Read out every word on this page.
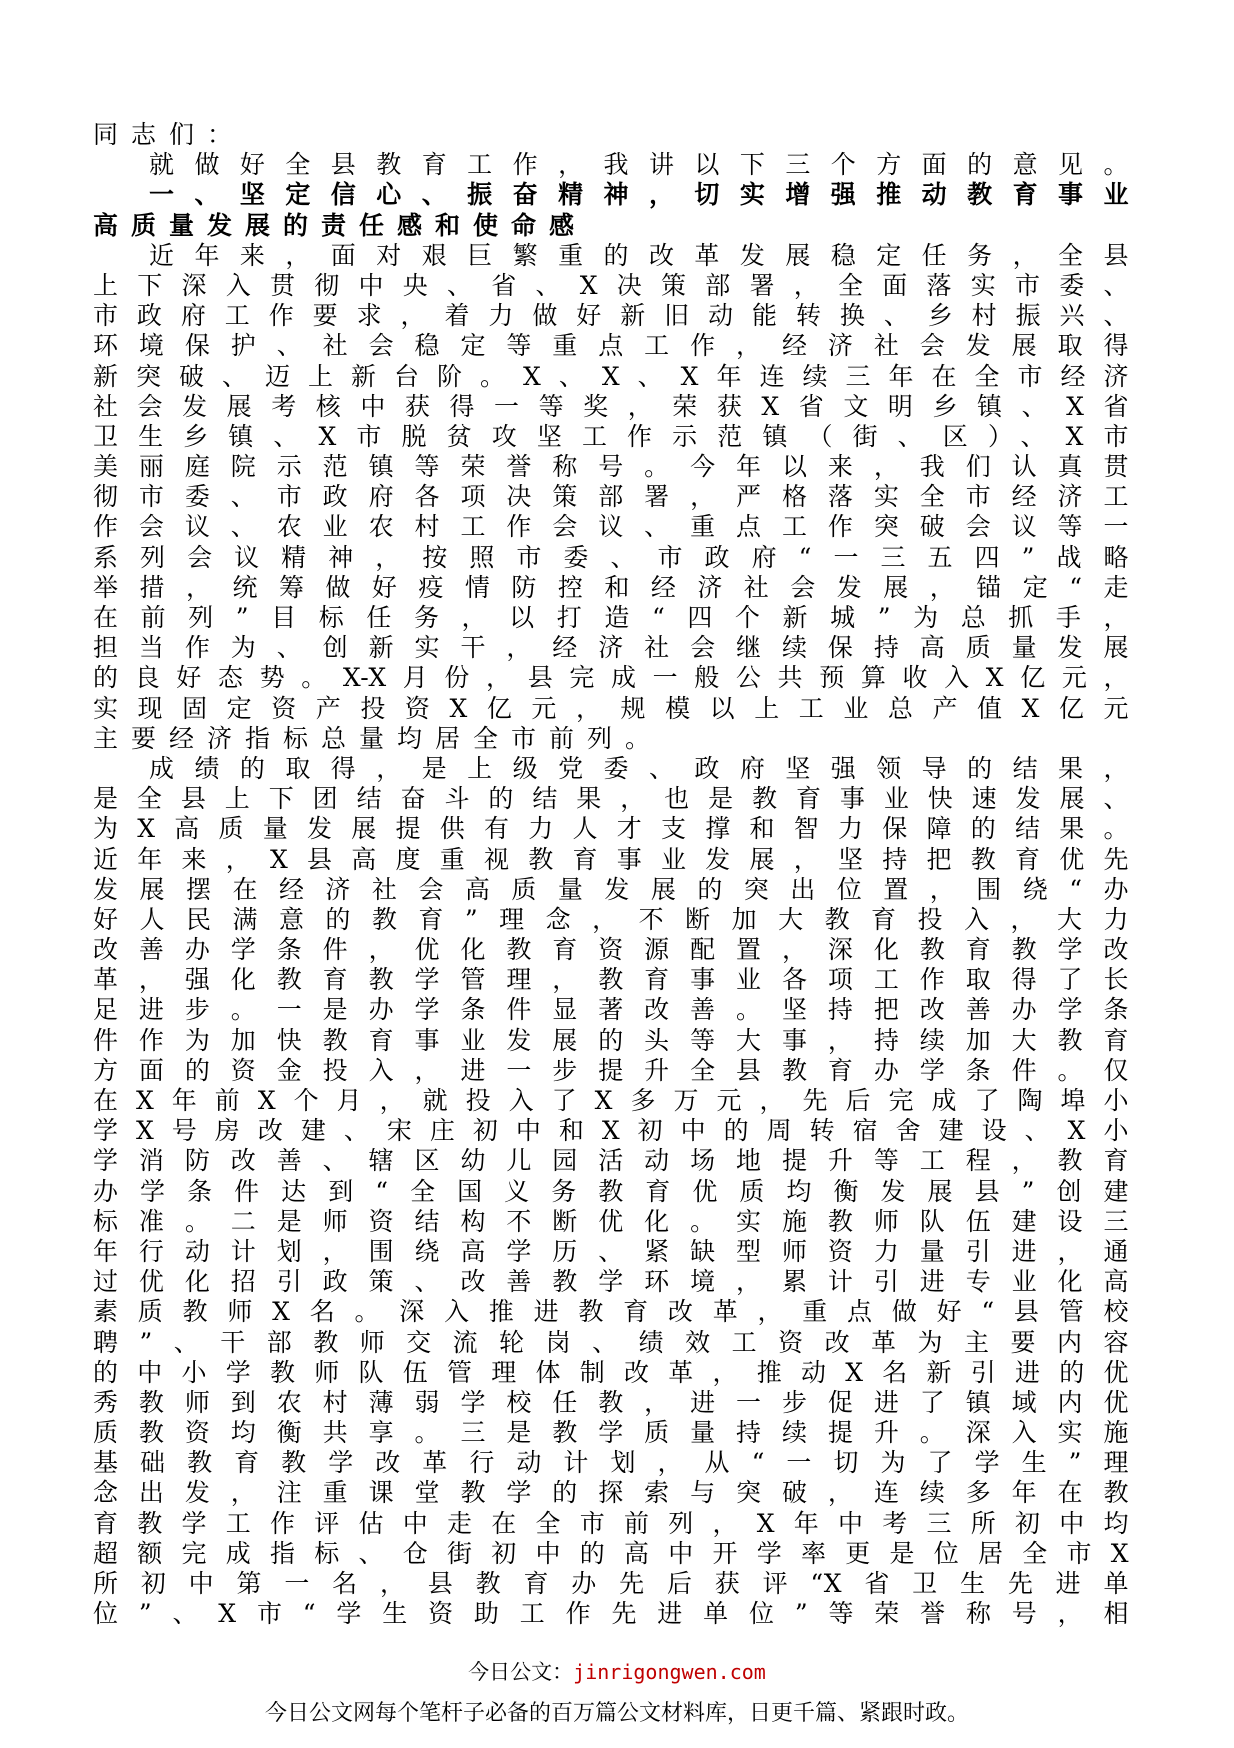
同志们：
就做好全县教育工作，我讲以下三个方面的意见。
一、坚定信心、振奋精神，切实增强推动教育事业
高质量发展的责任感和使命感
近年来，面对艰巨繁重的改革发展稳定任务，全县
上下深入贯彻中央、省、X决策部署，全面落实市委、
市政府工作要求，着力做好新旧动能转换、乡村振兴、
环境保护、社会稳定等重点工作，经济社会发展取得
新突破、迈上新台阶。X、X、X年连续三年在全市经济
社会发展考核中获得一等奖，荣获X省文明乡镇、X省
卫生乡镇、X市脱贫攻坚工作示范镇（街、区）、X市
美丽庭院示范镇等荣誉称号。今年以来，我们认真贯
彻市委、市政府各项决策部署，严格落实全市经济工
作会议、农业农村工作会议、重点工作突破会议等一
系列会议精神，按照市委、市政府“一三五四”战略
举措，统筹做好疫情防控和经济社会发展，锚定“走
在前列”目标任务，以打造“四个新城”为总抓手，
担当作为、创新实干，经济社会继续保持高质量发展
的良好态势。X-X月份，县完成一般公共预算收入X亿元，
实现固定资产投资X亿元，规模以上工业总产值X亿元
主要经济指标总量均居全市前列。
成绩的取得，是上级党委、政府坚强领导的结果，
是全县上下团结奋斗的结果，也是教育事业快速发展、
为X高质量发展提供有力人才支撑和智力保障的结果。
近年来，X县高度重视教育事业发展，坚持把教育优先
发展摆在经济社会高质量发展的突出位置，围绕“办
好人民满意的教育”理念，不断加大教育投入，大力
改善办学条件，优化教育资源配置，深化教育教学改
革，强化教育教学管理，教育事业各项工作取得了长
足进步。一是办学条件显著改善。坚持把改善办学条
件作为加快教育事业发展的头等大事，持续加大教育
方面的资金投入，进一步提升全县教育办学条件。仅
在X年前X个月，就投入了X多万元，先后完成了陶埠小
学X号房改建、宋庄初中和X初中的周转宿舍建设、X小
学消防改善、辖区幼儿园活动场地提升等工程，教育
办学条件达到“全国义务教育优质均衡发展县”创建
标准。二是师资结构不断优化。实施教师队伍建设三
年行动计划，围绕高学历、紧缺型师资力量引进，通
过优化招引政策、改善教学环境，累计引进专业化高
素质教师X名。深入推进教育改革，重点做好“县管校
聘”、干部教师交流轮岗、绩效工资改革为主要内容
的中小学教师队伍管理体制改革，推动X名新引进的优
秀教师到农村薄弱学校任教，进一步促进了镇域内优
质教资均衡共享。三是教学质量持续提升。深入实施
基础教育教学改革行动计划，从“一切为了学生”理
念出发，注重课堂教学的探索与突破，连续多年在教
育教学工作评估中走在全市前列，X年中考三所初中均
超额完成指标、仓街初中的高中开学率更是位居全市X
所初中第一名，县教育办先后获评“X省卫生先进单
位”、X市“学生资助工作先进单位”等荣誉称号，相
今日公文：jinrigongwen.com
今日公文网每个笔杆子必备的百万篇公文材料库，日更千篇、紧跟时政。
